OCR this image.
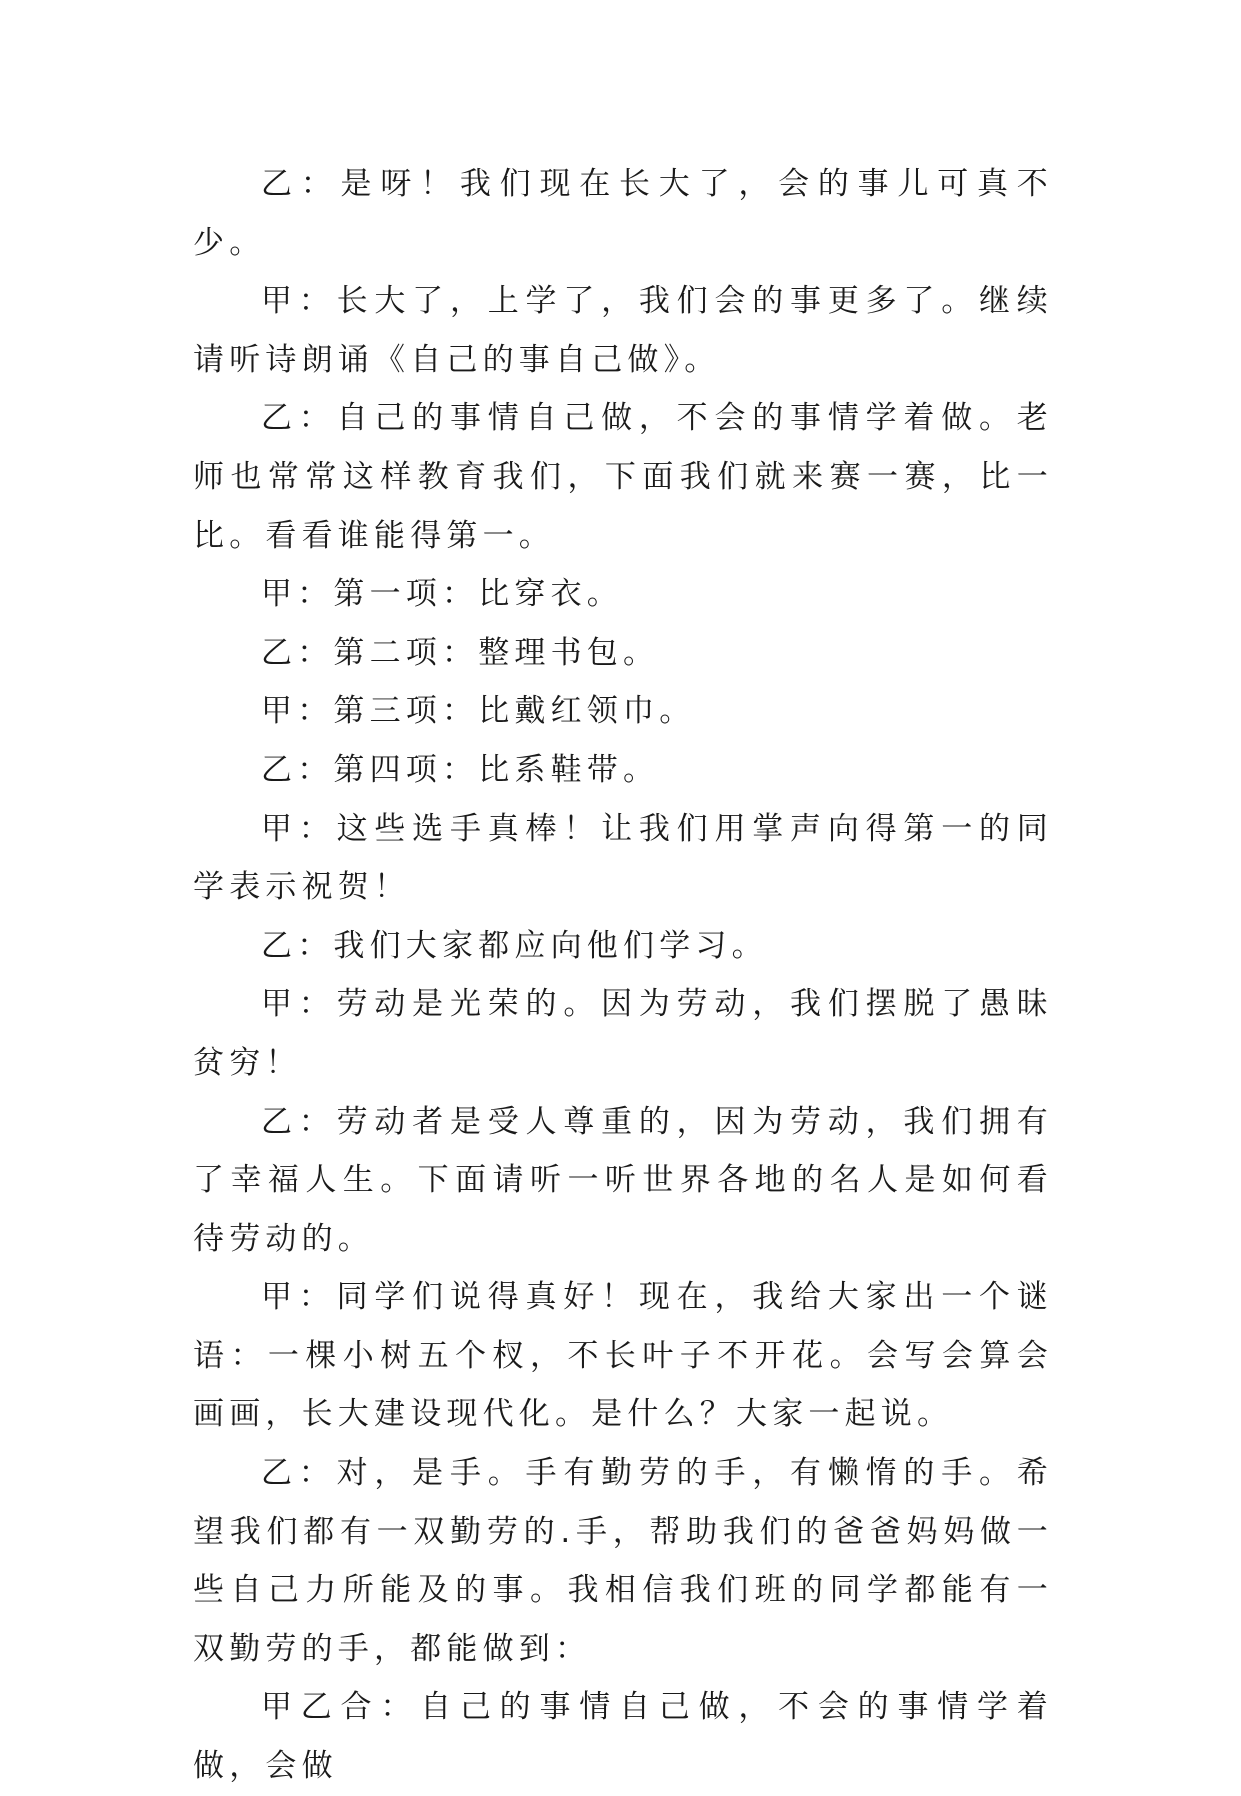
乙：是呀！我们现在长大了，会的事儿可真不少。

甲：长大了，上学了，我们会的事更多了。继续请听诗朗诵《自己的事自己做》。

乙：自己的事情自己做，不会的事情学着做。老师也常常这样教育我们，下面我们就来赛一赛，比一比。看看谁能得第一。

甲：第一项：比穿衣。

乙：第二项：整理书包。

甲：第三项：比戴红领巾。

乙：第四项：比系鞋带。

甲：这些选手真棒！让我们用掌声向得第一的同学表示祝贺！

乙：我们大家都应向他们学习。

甲：劳动是光荣的。因为劳动，我们摆脱了愚昧贫穷！

乙：劳动者是受人尊重的，因为劳动，我们拥有了幸福人生。下面请听一听世界各地的名人是如何看待劳动的。

甲：同学们说得真好！现在，我给大家出一个谜语：一棵小树五个杈，不长叶子不开花。会写会算会画画，长大建设现代化。是什么？大家一起说。

乙：对，是手。手有勤劳的手，有懒惰的手。希望我们都有一双勤劳的.手，帮助我们的爸爸妈妈做一些自己力所能及的事。我相信我们班的同学都能有一双勤劳的手，都能做到：

甲乙合：自己的事情自己做，不会的事情学着做，会做
